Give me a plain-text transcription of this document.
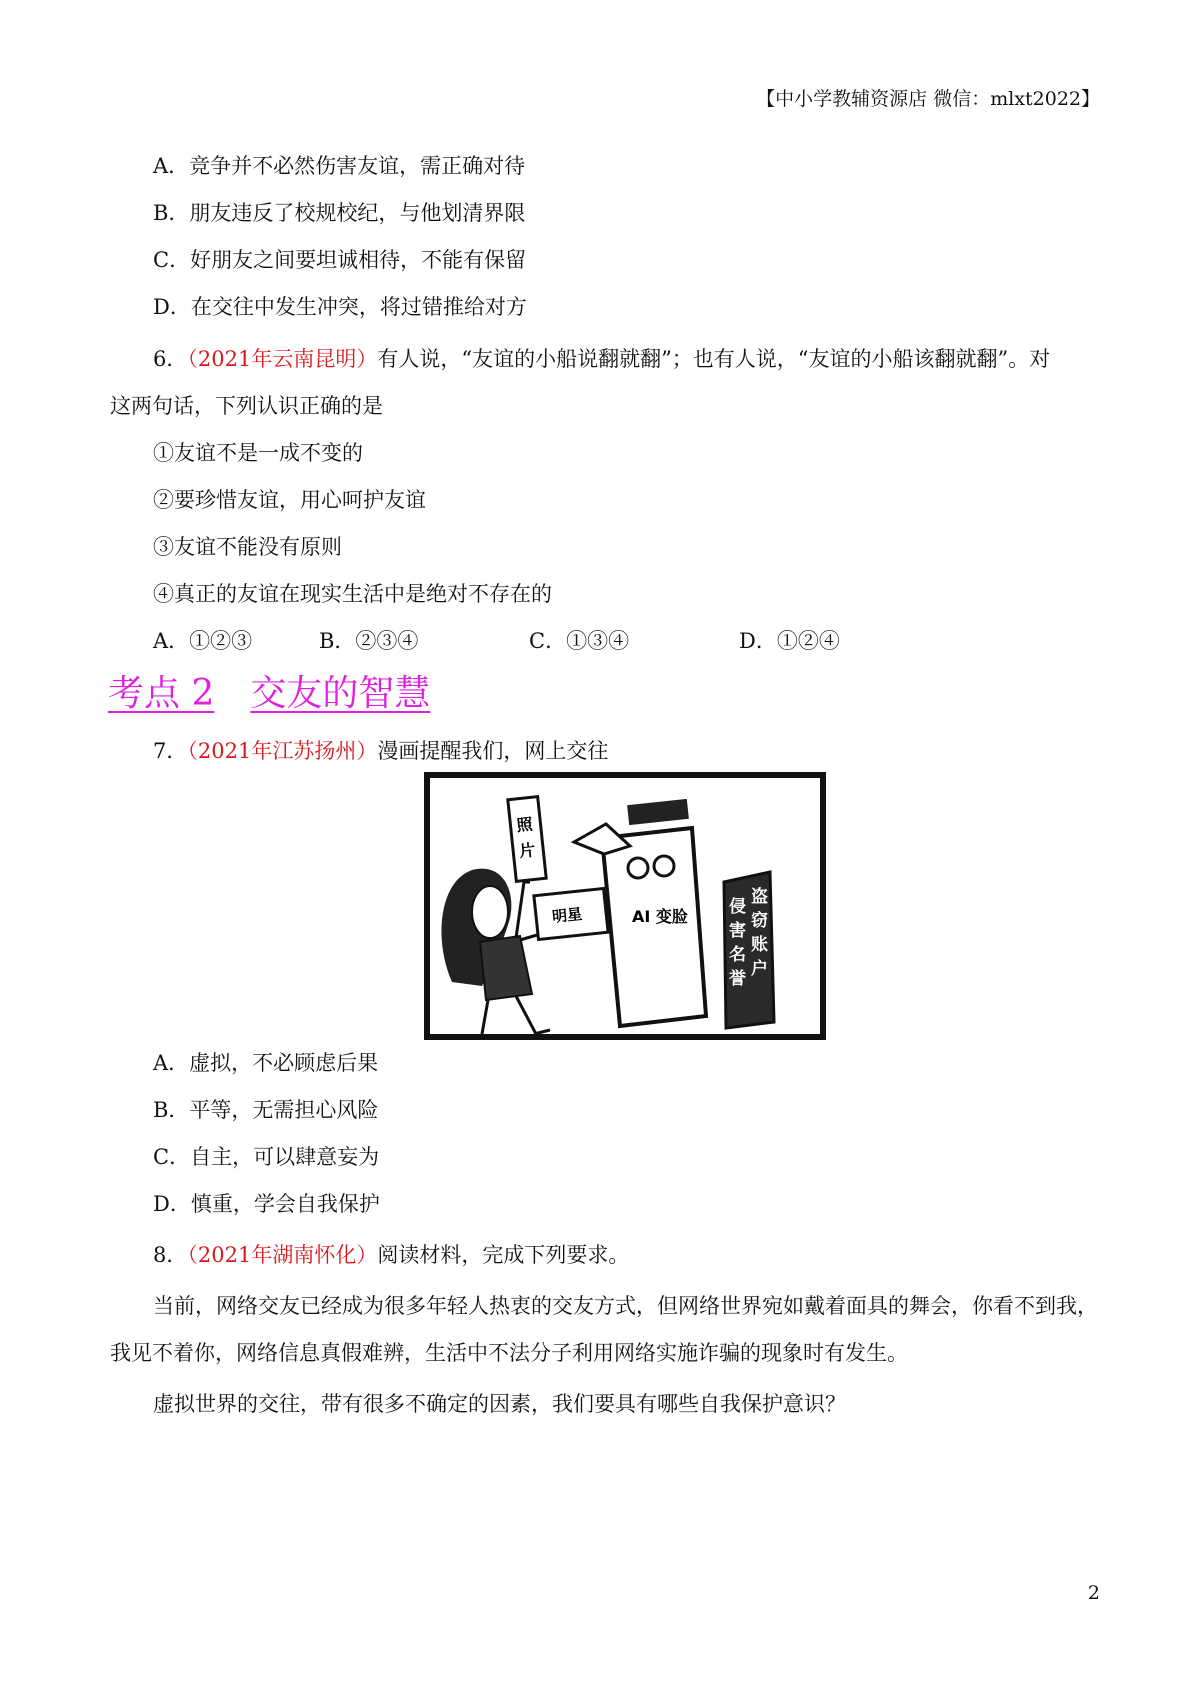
【中小学教辅资源店 微信：mlxt2022】
A．竞争并不必然伤害友谊，需正确对待
B．朋友违反了校规校纪，与他划清界限
C．好朋友之间要坦诚相待，不能有保留
D．在交往中发生冲突，将过错推给对方
6．（2021年云南昆明）有人说，“友谊的小船说翻就翻”；也有人说，“友谊的小船该翻就翻”。对
这两句话，下列认识正确的是
①友谊不是一成不变的
②要珍惜友谊，用心呵护友谊
③友谊不能没有原则
④真正的友谊在现实生活中是绝对不存在的
A．①②③	B．②③④	C．①③④	D．①②④
考点 2 交友的智慧
7．（2021年江苏扬州）漫画提醒我们，网上交往
照 片
明星	AI 变脸
盗 窃 账 户
侵 害 名 誉
A．虚拟，不必顾虑后果
B．平等，无需担心风险
C．自主，可以肆意妄为
D．慎重，学会自我保护
8．（2021年湖南怀化）阅读材料，完成下列要求。
当前，网络交友已经成为很多年轻人热衷的交友方式，但网络世界宛如戴着面具的舞会，你看不到我，
我见不着你，网络信息真假难辨，生活中不法分子利用网络实施诈骗的现象时有发生。
虚拟世界的交往，带有很多不确定的因素，我们要具有哪些自我保护意识？
2
